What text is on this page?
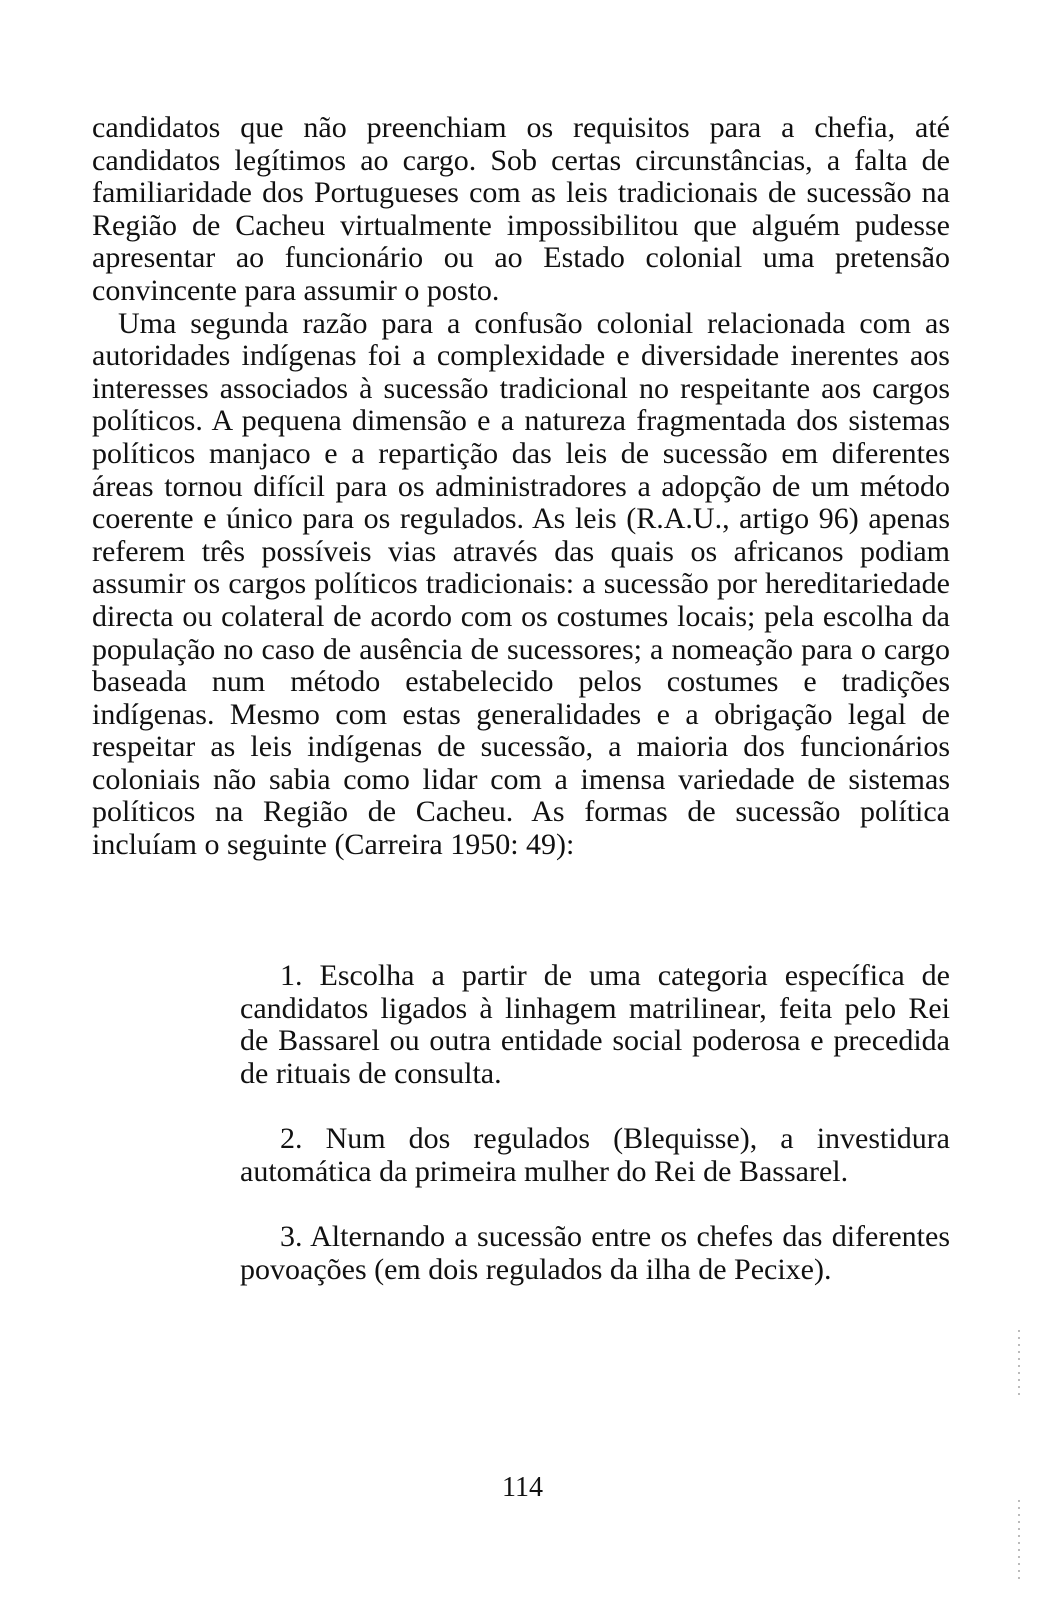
candidatos que não preenchiam os requisitos para a chefia, até candidatos legítimos ao cargo. Sob certas circunstâncias, a falta de familiaridade dos Portugueses com as leis tradicionais de sucessão na Região de Cacheu virtualmente impossibilitou que alguém pudesse apresentar ao funcionário ou ao Estado colonial uma pretensão convincente para assumir o posto.

Uma segunda razão para a confusão colonial relacionada com as autoridades indígenas foi a complexidade e diversidade inerentes aos interesses associados à sucessão tradicional no respeitante aos cargos políticos. A pequena dimensão e a natureza fragmentada dos sistemas políticos manjaco e a repartição das leis de sucessão em diferentes áreas tornou difícil para os administradores a adopção de um método coerente e único para os regulados. As leis (R.A.U., artigo 96) apenas referem três possíveis vias através das quais os africanos podiam assumir os cargos políticos tradicionais: a sucessão por hereditariedade directa ou colateral de acordo com os costumes locais; pela escolha da população no caso de ausência de sucessores; a nomeação para o cargo baseada num método estabelecido pelos costumes e tradições indígenas. Mesmo com estas generalidades e a obrigação legal de respeitar as leis indígenas de sucessão, a maioria dos funcionários coloniais não sabia como lidar com a imensa variedade de sistemas políticos na Região de Cacheu. As formas de sucessão política incluíam o seguinte (Carreira 1950: 49):

1. Escolha a partir de uma categoria específica de candidatos ligados à linhagem matrilinear, feita pelo Rei de Bassarel ou outra entidade social poderosa e precedida de rituais de consulta.

2. Num dos regulados (Blequisse), a investidura automática da primeira mulher do Rei de Bassarel.

3. Alternando a sucessão entre os chefes das diferentes povoações (em dois regulados da ilha de Pecixe).

114
